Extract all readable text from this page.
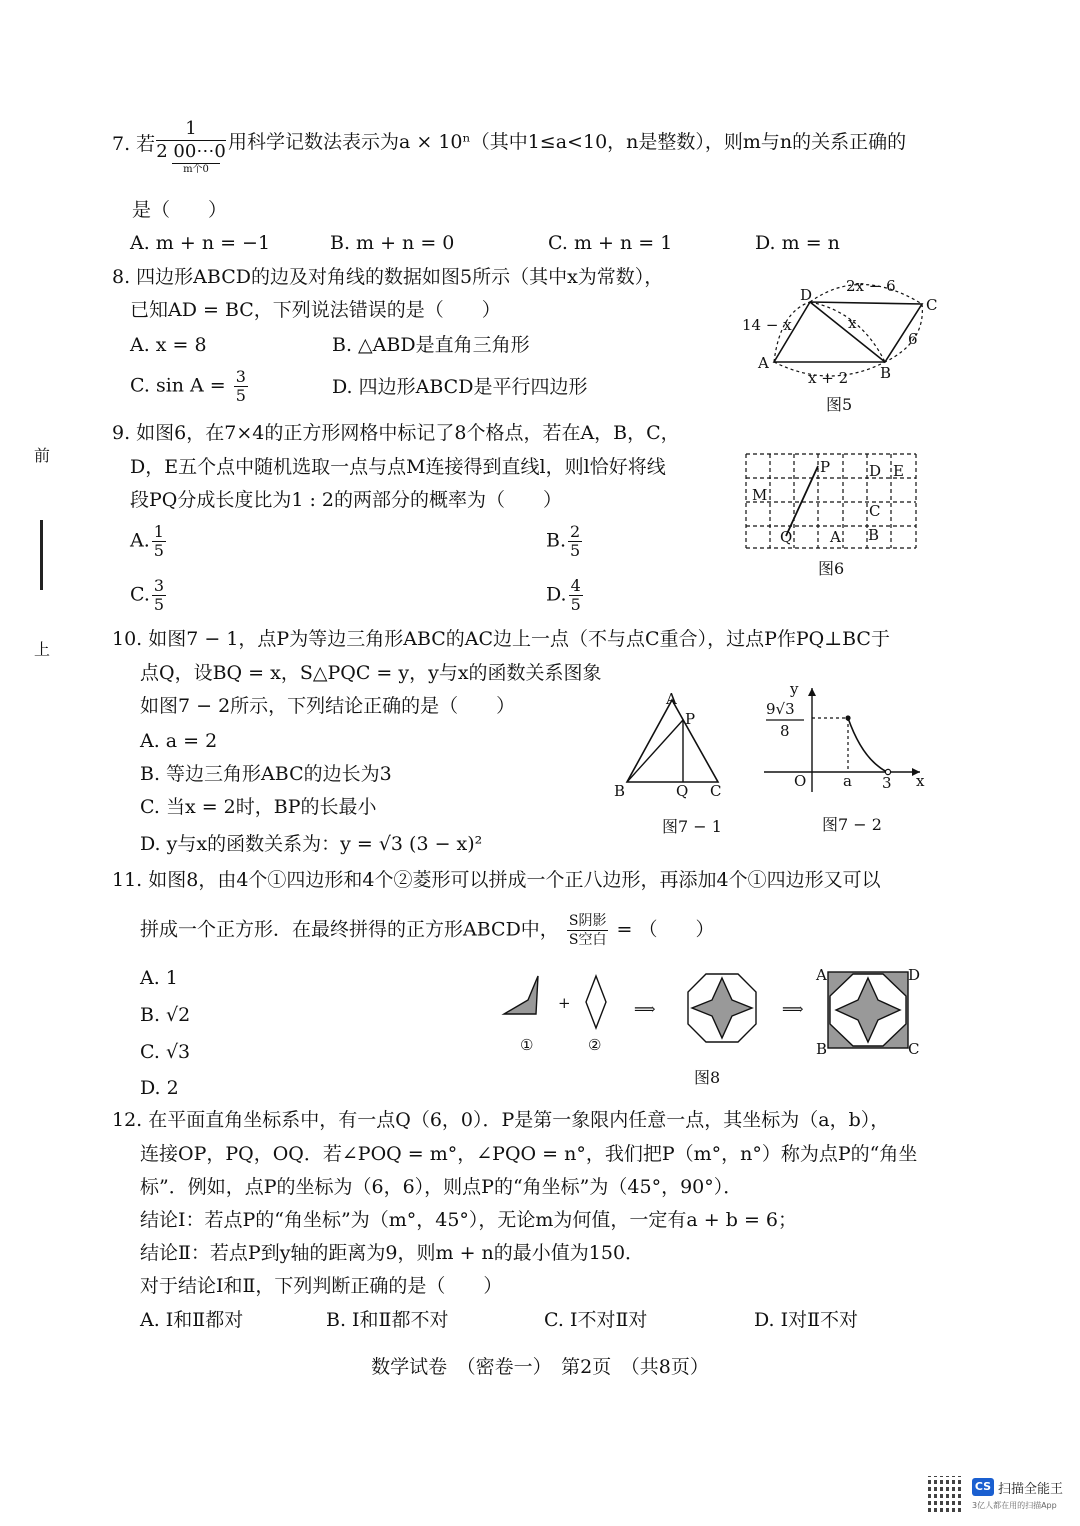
7. 若
1
2 00⋯0
m个0
用科学记数法表示为a × 10ⁿ（其中1≤a<10，n是整数），则m与n的关系正确的
是（　　）
A. m + n = −1	B. m + n = 0	C. m + n = 1	D. m = n
8. 四边形ABCD的边及对角线的数据如图5所示（其中x为常数），
已知AD = BC，下列说法错误的是（　　）
A. x = 8	B. △ABD是直角三角形
C. $\sin A = \frac{3}{5}$	D. 四边形ABCD是平行四边形
2x − 6
14 − x	x
6
x + 2
A
D
C
B
图5
9. 如图6，在7×4的正方形网格中标记了8个格点，若在A，B，C，
D，E五个点中随机选取一点与点M连接得到直线l，则l恰好将线
段PQ分成长度比为1 : 2的两部分的概率为（　　）
A. $\frac{1}{5}$	B. $\frac{2}{5}$
C. $\frac{3}{5}$	D. $\frac{4}{5}$
P	D E
M
C
Q	A B
图6
10. 如图7 − 1，点P为等边三角形ABC的AC边上一点（不与点C重合），过点P作PQ⊥BC于
点Q，设BQ = x，S△PQC = y，y与x的函数关系图象
如图7 − 2所示，下列结论正确的是（　　）
A. a = 2
B. 等边三角形ABC的边长为3
C. 当x = 2时，BP的长最小
D. y与x的函数关系为：y = √3 (3 − x)²
A
P
B	Q C
图7 − 1
y
9√3
8
O a 3 x
图7 − 2
11. 如图8，由4个①四边形和4个②菱形可以拼成一个正八边形，再添加4个①四边形又可以
拼成一个正方形．在最终拼得的正方形ABCD中， $\frac{\text{S阴影}}{\text{S空白}}$ = （　　）
A. 1
B. √2
C. √3
D. 2
①
+
②
⟹	⟹
A	D
B	C
图8
12. 在平面直角坐标系中，有一点Q（6，0）．P是第一象限内任意一点，其坐标为（a，b），
连接OP，PQ，OQ．若∠POQ = m°，∠PQO = n°，我们把P（m°，n°）称为点P的“角坐
标”．例如，点P的坐标为（6，6），则点P的“角坐标”为（45°，90°）．
结论Ⅰ：若点P的“角坐标”为（m°，45°），无论m为何值，一定有a + b = 6；
结论Ⅱ：若点P到y轴的距离为9，则m + n的最小值为150．
对于结论Ⅰ和Ⅱ，下列判断正确的是（　　）
A. Ⅰ和Ⅱ都对	B. Ⅰ和Ⅱ都不对	C. Ⅰ不对Ⅱ对	D. Ⅰ对Ⅱ不对
数学试卷　（密卷一）　第2页　（共8页）
前
上
CS 扫描全能王
3亿人都在用的扫描App
